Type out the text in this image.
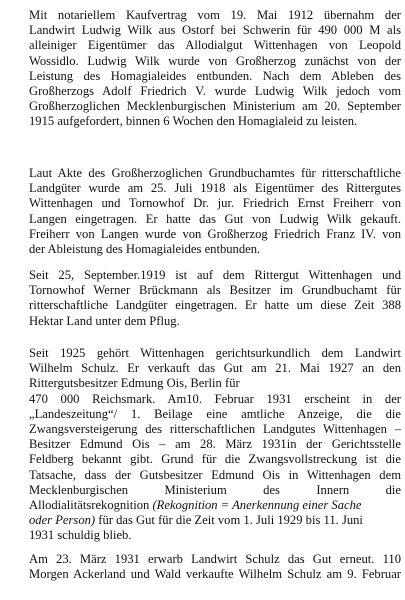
Mit notariellem Kaufvertrag vom 19. Mai 1912 übernahm der
Landwirt Ludwig Wilk aus Ostorf bei Schwerin für 490 000 M als
alleiniger Eigentümer das Allodialgut Wittenhagen von Leopold
Wossidlo. Ludwig Wilk wurde von Großherzog zunächst von der
Leistung des Homagialeides entbunden. Nach dem Ableben des
Großherzogs Adolf Friedrich V. wurde Ludwig Wilk jedoch vom
Großherzoglichen Mecklenburgischen Ministerium am 20. September
1915 aufgefordert, binnen 6 Wochen den Homagialeid zu leisten.
Laut Akte des Großherzoglichen Grundbuchamtes für ritterschaftliche
Landgüter wurde am 25. Juli 1918 als Eigentümer des Rittergutes
Wittenhagen und Tornowhof Dr. jur. Friedrich Ernst Freiherr von
Langen eingetragen. Er hatte das Gut von Ludwig Wilk gekauft.
Freiherr von Langen wurde von Großherzog Friedrich Franz IV. von
der Ableistung des Homagialeides entbunden.
Seit 25, September.1919 ist auf dem Rittergut Wittenhagen und
Tornowhof Werner Brückmann als Besitzer im Grundbuchamt für
ritterschaftliche Landgüter eingetragen. Er hatte um diese Zeit 388
Hektar Land unter dem Pflug.
Seit 1925 gehört Wittenhagen gerichtsurkundlich dem Landwirt
Wilhelm Schulz. Er verkauft das Gut am 21. Mai 1927 an den
Rittergutsbesitzer Edmung Ois, Berlin für
470 000 Reichsmark. Am10. Februar 1931 erscheint in der
„Landeszeitung“/ 1. Beilage eine amtliche Anzeige, die die
Zwangsversteigerung des ritterschaftlichen Landgutes Wittenhagen –
Besitzer Edmund Ois – am 28. März 1931in der Gerichtsstelle
Feldberg bekannt gibt. Grund für die Zwangsvollstreckung ist die
Tatsache, dass der Gutsbesitzer Edmund Ois in Wittenhagen dem
Mecklenburgischen Ministerium des Innern die
Allodialitätsrekognition (Rekognition = Anerkennung einer Sache
oder Person) für das Gut für die Zeit vom 1. Juli 1929 bis 11. Juni
1931 schuldig blieb.
Am 23. März 1931 erwarb Landwirt Schulz das Gut erneut. 110
Morgen Ackerland und Wald verkaufte Wilhelm Schulz am 9. Februar
